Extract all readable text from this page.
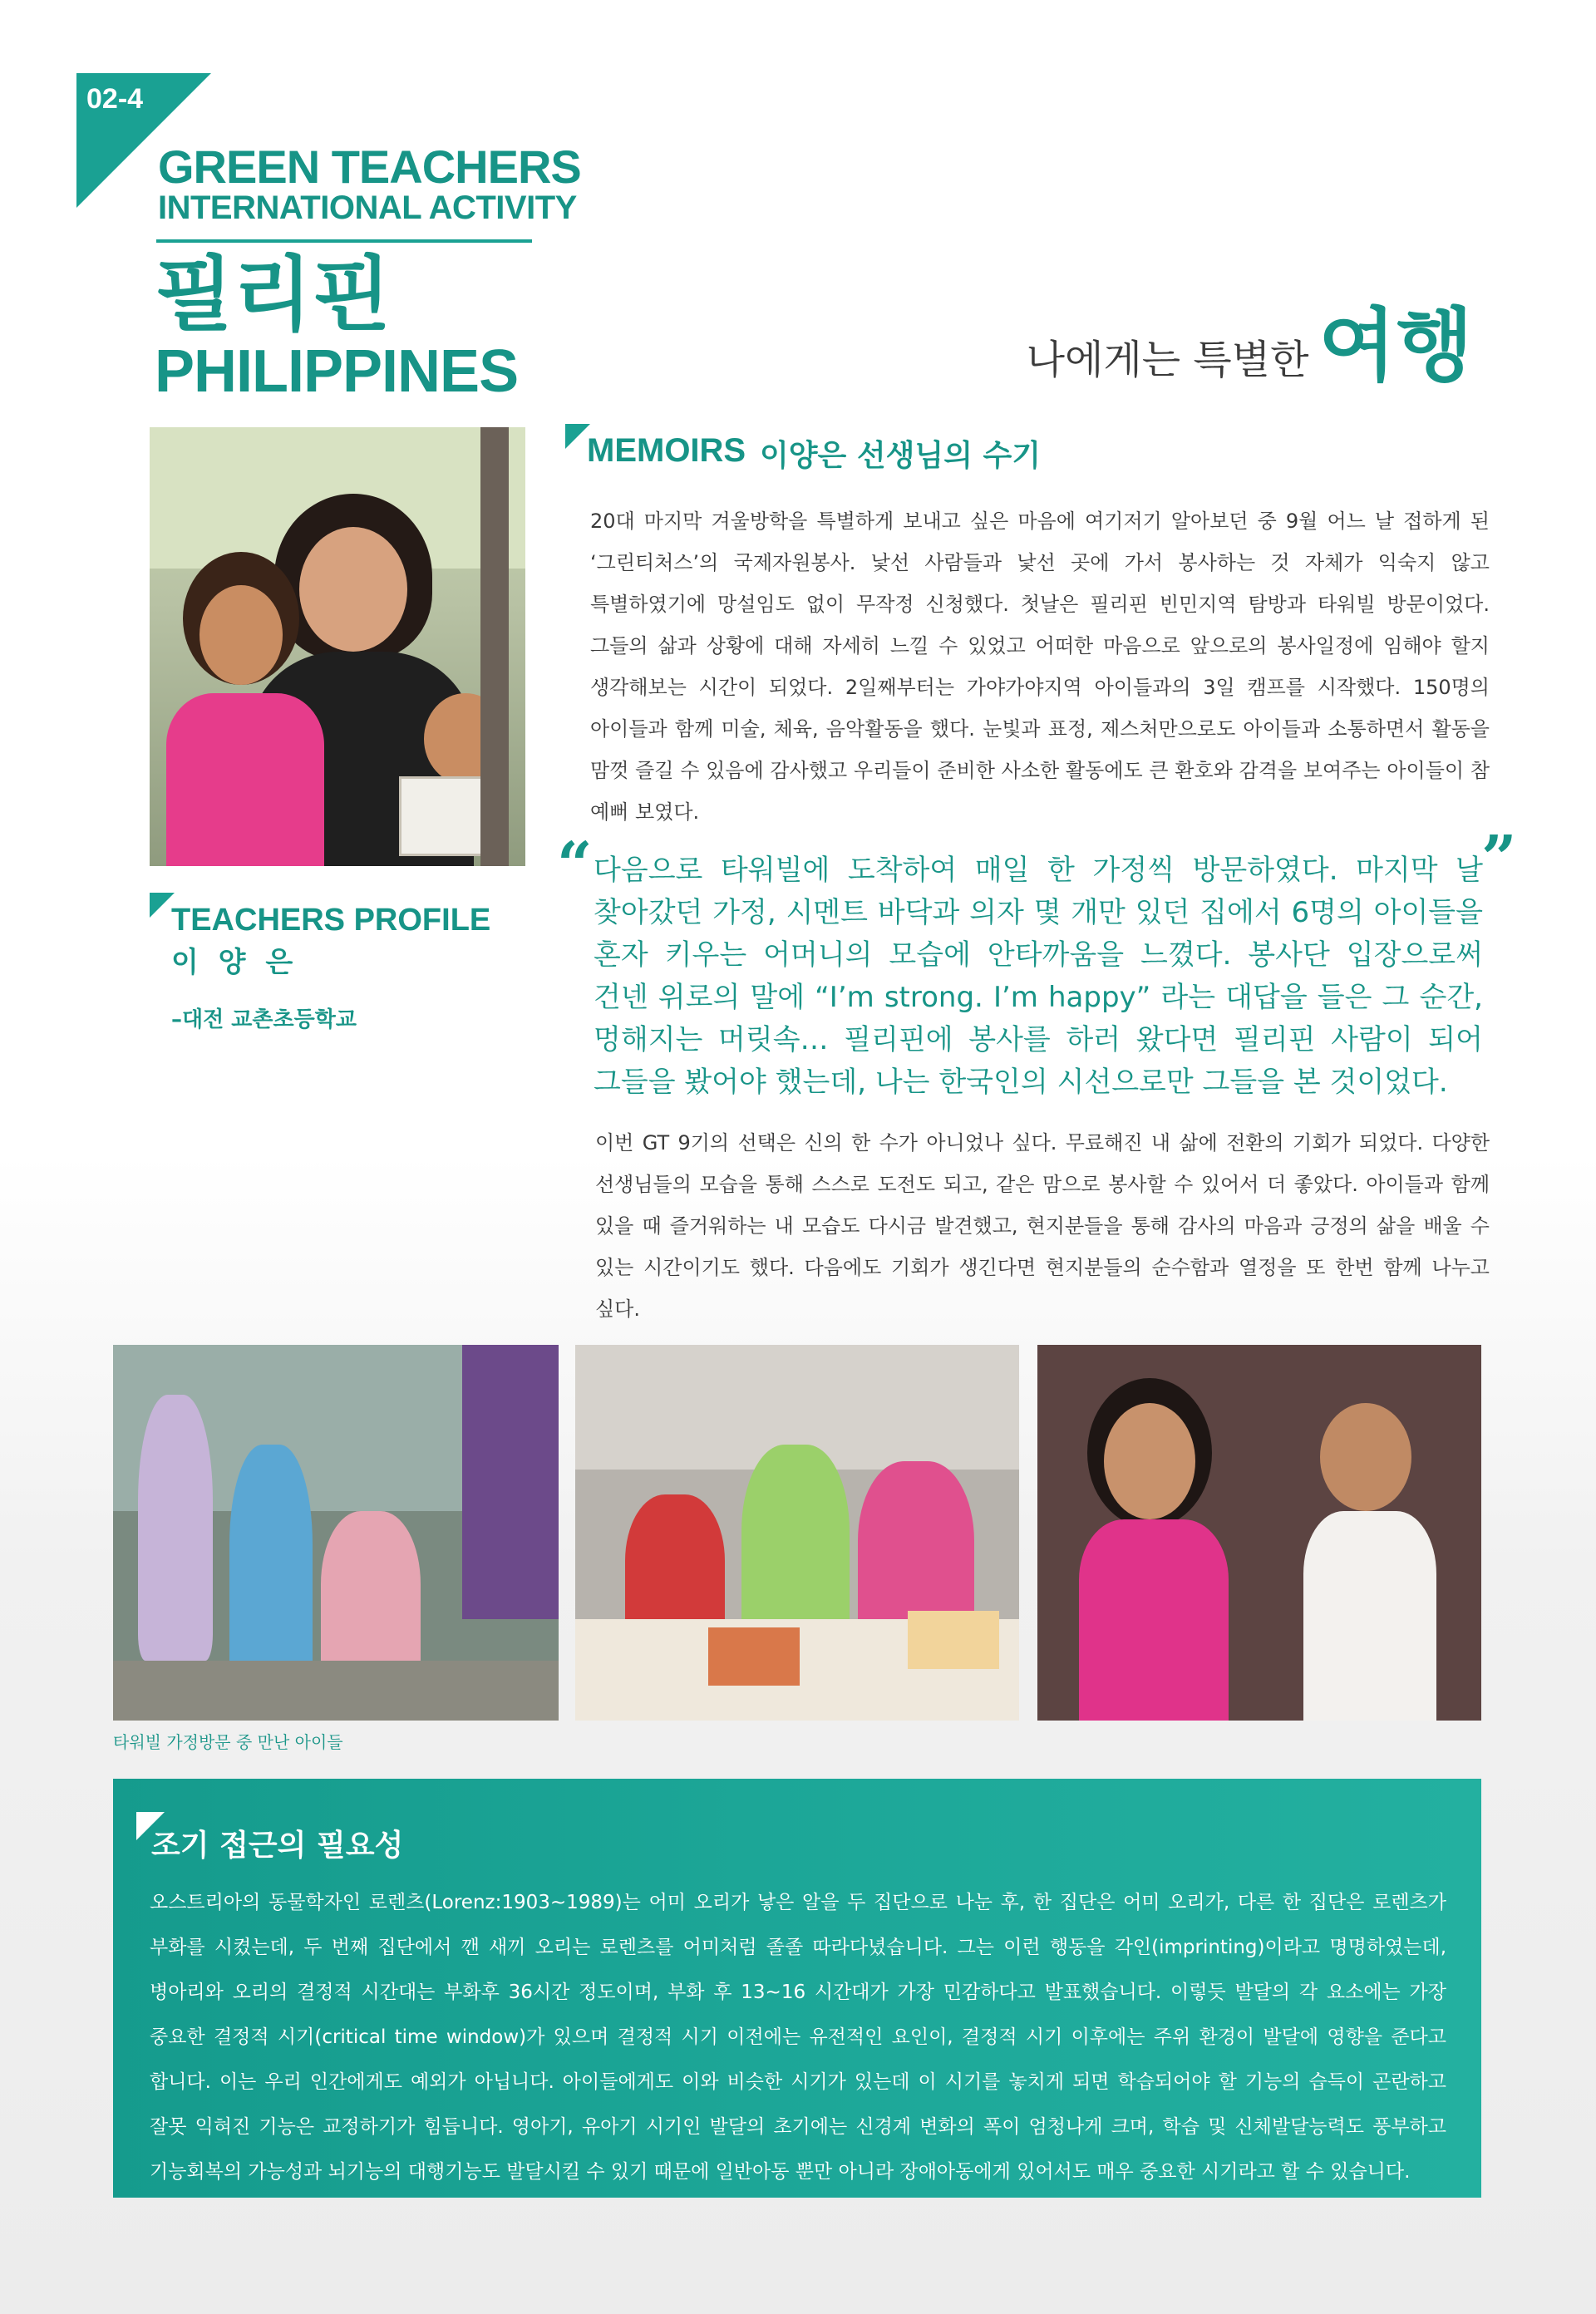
02-4
GREEN TEACHERS
INTERNATIONAL ACTIVITY
필리핀
PHILIPPINES	나에게는 특별한 여행
MEMOIRS 이양은 선생님의 수기
20대 마지막 겨울방학을 특별하게 보내고 싶은 마음에 여기저기 알아보던 중 9월 어느 날 접하게 된 ‘그린티처스’의 국제자원봉사. 낯선 사람들과 낯선 곳에 가서 봉사하는 것 자체가 익숙지 않고 특별하였기에 망설임도 없이 무작정 신청했다. 첫날은 필리핀 빈민지역 탐방과 타워빌 방문이었다. 그들의 삶과 상황에 대해 자세히 느낄 수 있었고 어떠한 마음으로 앞으로의 봉사일정에 임해야 할지 생각해보는 시간이 되었다. 2일째부터는 가야가야지역 아이들과의 3일 캠프를 시작했다. 150명의 아이들과 함께 미술, 체육, 음악활동을 했다. 눈빛과 표정, 제스처만으로도 아이들과 소통하면서 활동을 맘껏 즐길 수 있음에 감사했고 우리들이 준비한 사소한 활동에도 큰 환호와 감격을 보여주는 아이들이 참 예뻐 보였다.
“ 다음으로 타워빌에 도착하여 매일 한 가정씩 방문하였다. 마지막 날 찾아갔던 가정, 시멘트 바닥과 의자 몇 개만 있던 집에서 6명의 아이들을 혼자 키우는 어머니의 모습에 안타까움을 느꼈다. 봉사단 입장으로써 건넨 위로의 말에 “I’m strong. I’m happy” 라는 대답을 들은 그 순간, 멍해지는 머릿속… 필리핀에 봉사를 하러 왔다면 필리핀 사람이 되어 그들을 봤어야 했는데, 나는 한국인의 시선으로만 그들을 본 것이었다.
”
이번 GT 9기의 선택은 신의 한 수가 아니었나 싶다. 무료해진 내 삶에 전환의 기회가 되었다. 다양한 선생님들의 모습을 통해 스스로 도전도 되고, 같은 맘으로 봉사할 수 있어서 더 좋았다. 아이들과 함께 있을 때 즐거워하는 내 모습도 다시금 발견했고, 현지분들을 통해 감사의 마음과 긍정의 삶을 배울 수 있는 시간이기도 했다. 다음에도 기회가 생긴다면 현지분들의 순수함과 열정을 또 한번 함께 나누고 싶다.
TEACHERS PROFILE
이 양 은
–대전 교촌초등학교
타워빌 가정방문 중 만난 아이들
조기 접근의 필요성
오스트리아의 동물학자인 로렌츠(Lorenz:1903~1989)는 어미 오리가 낳은 알을 두 집단으로 나눈 후, 한 집단은 어미 오리가, 다른 한 집단은 로렌츠가 부화를 시켰는데, 두 번째 집단에서 깬 새끼 오리는 로렌츠를 어미처럼 졸졸 따라다녔습니다. 그는 이런 행동을 각인(imprinting)이라고 명명하였는데, 병아리와 오리의 결정적 시간대는 부화후 36시간 정도이며, 부화 후 13~16 시간대가 가장 민감하다고 발표했습니다. 이렇듯 발달의 각 요소에는 가장 중요한 결정적 시기(critical time window)가 있으며 결정적 시기 이전에는 유전적인 요인이, 결정적 시기 이후에는 주위 환경이 발달에 영향을 준다고 합니다. 이는 우리 인간에게도 예외가 아닙니다. 아이들에게도 이와 비슷한 시기가 있는데 이 시기를 놓치게 되면 학습되어야 할 기능의 습득이 곤란하고 잘못 익혀진 기능은 교정하기가 힘듭니다. 영아기, 유아기 시기인 발달의 초기에는 신경계 변화의 폭이 엄청나게 크며, 학습 및 신체발달능력도 풍부하고 기능회복의 가능성과 뇌기능의 대행기능도 발달시킬 수 있기 때문에 일반아동 뿐만 아니라 장애아동에게 있어서도 매우 중요한 시기라고 할 수 있습니다.
